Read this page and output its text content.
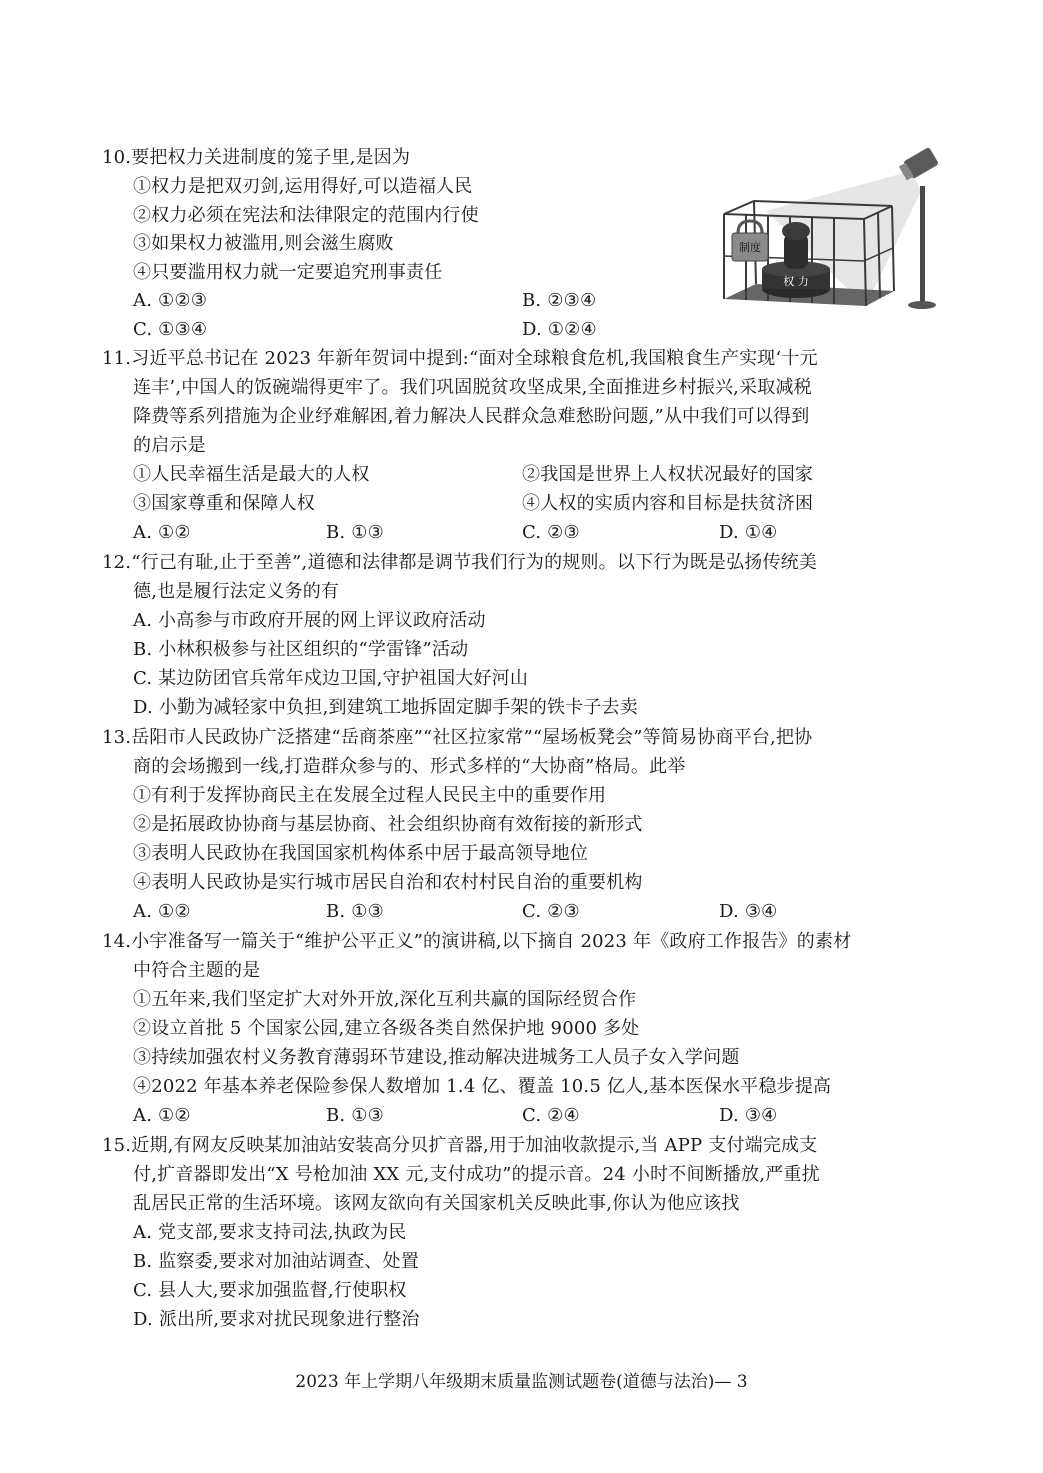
制度
权 力
10.要把权力关进制度的笼子里,是因为
①权力是把双刃剑,运用得好,可以造福人民
②权力必须在宪法和法律限定的范围内行使
③如果权力被滥用,则会滋生腐败
④只要滥用权力就一定要追究刑事责任
A. ①②③	B. ②③④
C. ①③④	D. ①②④
11.习近平总书记在 2023 年新年贺词中提到:“面对全球粮食危机,我国粮食生产实现‘十元
连丰’,中国人的饭碗端得更牢了。我们巩固脱贫攻坚成果,全面推进乡村振兴,采取减税
降费等系列措施为企业纾难解困,着力解决人民群众急难愁盼问题,”从中我们可以得到
的启示是
①人民幸福生活是最大的人权	②我国是世界上人权状况最好的国家
③国家尊重和保障人权	④人权的实质内容和目标是扶贫济困
A. ①②	B. ①③	C. ②③	D. ①④
12.“行己有耻,止于至善”,道德和法律都是调节我们行为的规则。以下行为既是弘扬传统美
德,也是履行法定义务的有
A. 小高参与市政府开展的网上评议政府活动
B. 小林积极参与社区组织的“学雷锋”活动
C. 某边防团官兵常年戍边卫国,守护祖国大好河山
D. 小勤为减轻家中负担,到建筑工地拆固定脚手架的铁卡子去卖
13.岳阳市人民政协广泛搭建“岳商茶座”“社区拉家常”“屋场板凳会”等简易协商平台,把协
商的会场搬到一线,打造群众参与的、形式多样的“大协商”格局。此举
①有利于发挥协商民主在发展全过程人民民主中的重要作用
②是拓展政协协商与基层协商、社会组织协商有效衔接的新形式
③表明人民政协在我国国家机构体系中居于最高领导地位
④表明人民政协是实行城市居民自治和农村村民自治的重要机构
A. ①②	B. ①③	C. ②③	D. ③④
14.小宇准备写一篇关于“维护公平正义”的演讲稿,以下摘自 2023 年《政府工作报告》的素材
中符合主题的是
①五年来,我们坚定扩大对外开放,深化互利共赢的国际经贸合作
②设立首批 5 个国家公园,建立各级各类自然保护地 9000 多处
③持续加强农村义务教育薄弱环节建设,推动解决进城务工人员子女入学问题
④2022 年基本养老保险参保人数增加 1.4 亿、覆盖 10.5 亿人,基本医保水平稳步提高
A. ①②	B. ①③	C. ②④	D. ③④
15.近期,有网友反映某加油站安装高分贝扩音器,用于加油收款提示,当 APP 支付端完成支
付,扩音器即发出“X 号枪加油 XX 元,支付成功”的提示音。24 小时不间断播放,严重扰
乱居民正常的生活环境。该网友欲向有关国家机关反映此事,你认为他应该找
A. 党支部,要求支持司法,执政为民
B. 监察委,要求对加油站调查、处置
C. 县人大,要求加强监督,行使职权
D. 派出所,要求对扰民现象进行整治
2023 年上学期八年级期末质量监测试题卷(道德与法治)— 3
